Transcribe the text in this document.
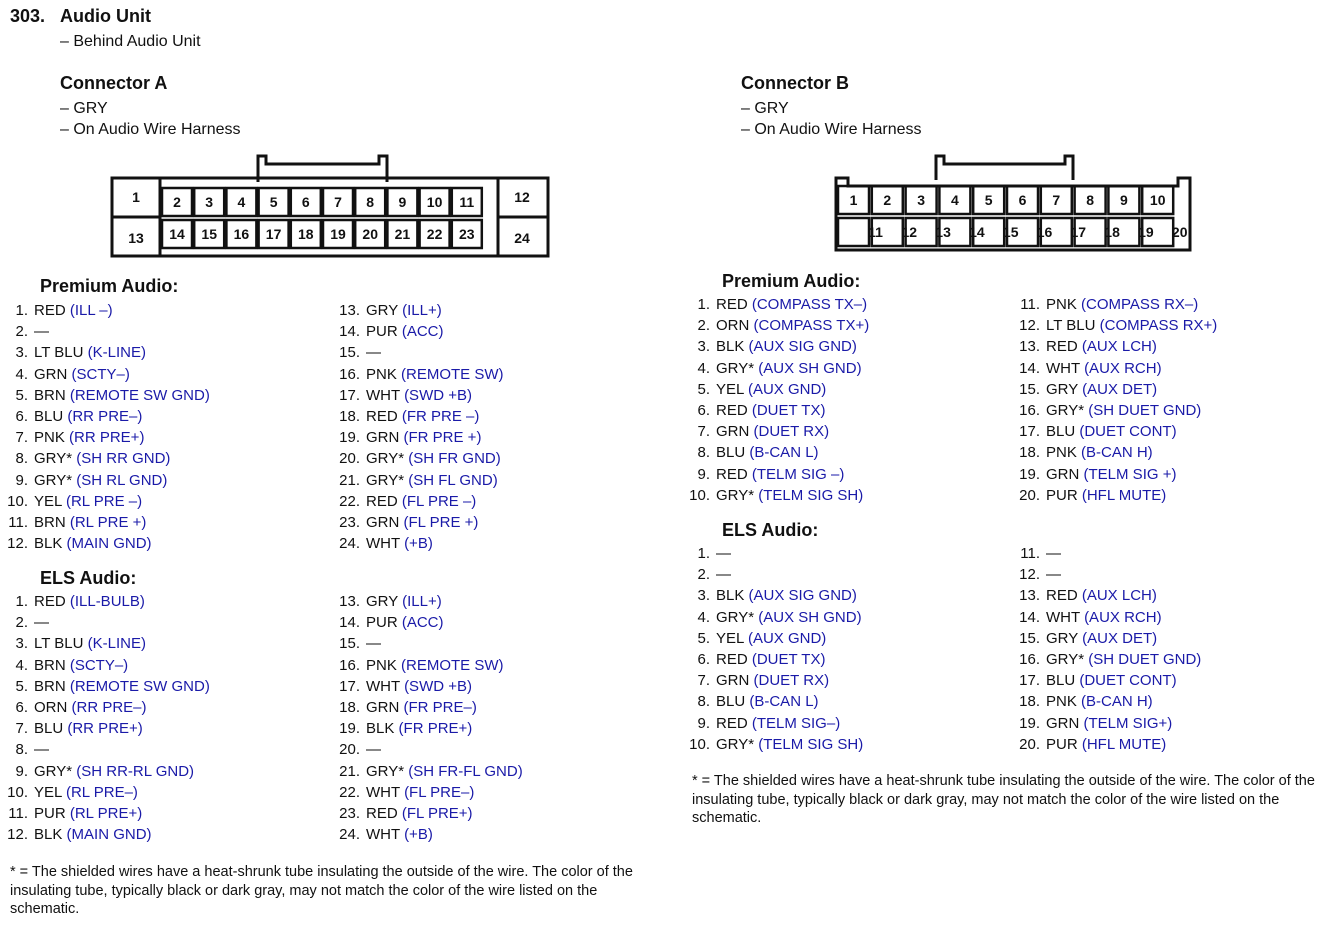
303. Audio Unit
– Behind Audio Unit
Connector A
– GRY
– On Audio Wire Harness
1
13
12
24
2
14
3
15
4
16
5
17
6
18
7
19
8
20
9
21
10
22
11
23
Connector B
– GRY
– On Audio Wire Harness
1
11
2
12
3
13
4
14
5
15
6
16
7
17
8
18
9
19
10
20
Premium Audio:
1. RED (ILL –)
2. —
3. LT BLU (K-LINE)
4. GRN (SCTY–)
5. BRN (REMOTE SW GND)
6. BLU (RR PRE–)
7. PNK (RR PRE+)
8. GRY* (SH RR GND)
9. GRY* (SH RL GND)
10. YEL (RL PRE –)
11. BRN (RL PRE +)
12. BLK (MAIN GND)
13. GRY (ILL+)
14. PUR (ACC)
15. —
16. PNK (REMOTE SW)
17. WHT (SWD +B)
18. RED (FR PRE –)
19. GRN (FR PRE +)
20. GRY* (SH FR GND)
21. GRY* (SH FL GND)
22. RED (FL PRE –)
23. GRN (FL PRE +)
24. WHT (+B)
ELS Audio:
1. RED (ILL-BULB)
2. —
3. LT BLU (K-LINE)
4. BRN (SCTY–)
5. BRN (REMOTE SW GND)
6. ORN (RR PRE–)
7. BLU (RR PRE+)
8. —
9. GRY* (SH RR-RL GND)
10. YEL (RL PRE–)
11. PUR (RL PRE+)
12. BLK (MAIN GND)
13. GRY (ILL+)
14. PUR (ACC)
15. —
16. PNK (REMOTE SW)
17. WHT (SWD +B)
18. GRN (FR PRE–)
19. BLK (FR PRE+)
20. —
21. GRY* (SH FR-FL GND)
22. WHT (FL PRE–)
23. RED (FL PRE+)
24. WHT (+B)
* = The shielded wires have a heat-shrunk tube insulating the outside of the wire. The color of the insulating tube, typically black or dark gray, may not match the color of the wire listed on the schematic.
Premium Audio:
1. RED (COMPASS TX–)
2. ORN (COMPASS TX+)
3. BLK (AUX SIG GND)
4. GRY* (AUX SH GND)
5. YEL (AUX GND)
6. RED (DUET TX)
7. GRN (DUET RX)
8. BLU (B-CAN L)
9. RED (TELM SIG –)
10. GRY* (TELM SIG SH)
11. PNK (COMPASS RX–)
12. LT BLU (COMPASS RX+)
13. RED (AUX LCH)
14. WHT (AUX RCH)
15. GRY (AUX DET)
16. GRY* (SH DUET GND)
17. BLU (DUET CONT)
18. PNK (B-CAN H)
19. GRN (TELM SIG +)
20. PUR (HFL MUTE)
ELS Audio:
1. —
2. —
3. BLK (AUX SIG GND)
4. GRY* (AUX SH GND)
5. YEL (AUX GND)
6. RED (DUET TX)
7. GRN (DUET RX)
8. BLU (B-CAN L)
9. RED (TELM SIG–)
10. GRY* (TELM SIG SH)
11. —
12. —
13. RED (AUX LCH)
14. WHT (AUX RCH)
15. GRY (AUX DET)
16. GRY* (SH DUET GND)
17. BLU (DUET CONT)
18. PNK (B-CAN H)
19. GRN (TELM SIG+)
20. PUR (HFL MUTE)
* = The shielded wires have a heat-shrunk tube insulating the outside of the wire. The color of the insulating tube, typically black or dark gray, may not match the color of the wire listed on the schematic.
